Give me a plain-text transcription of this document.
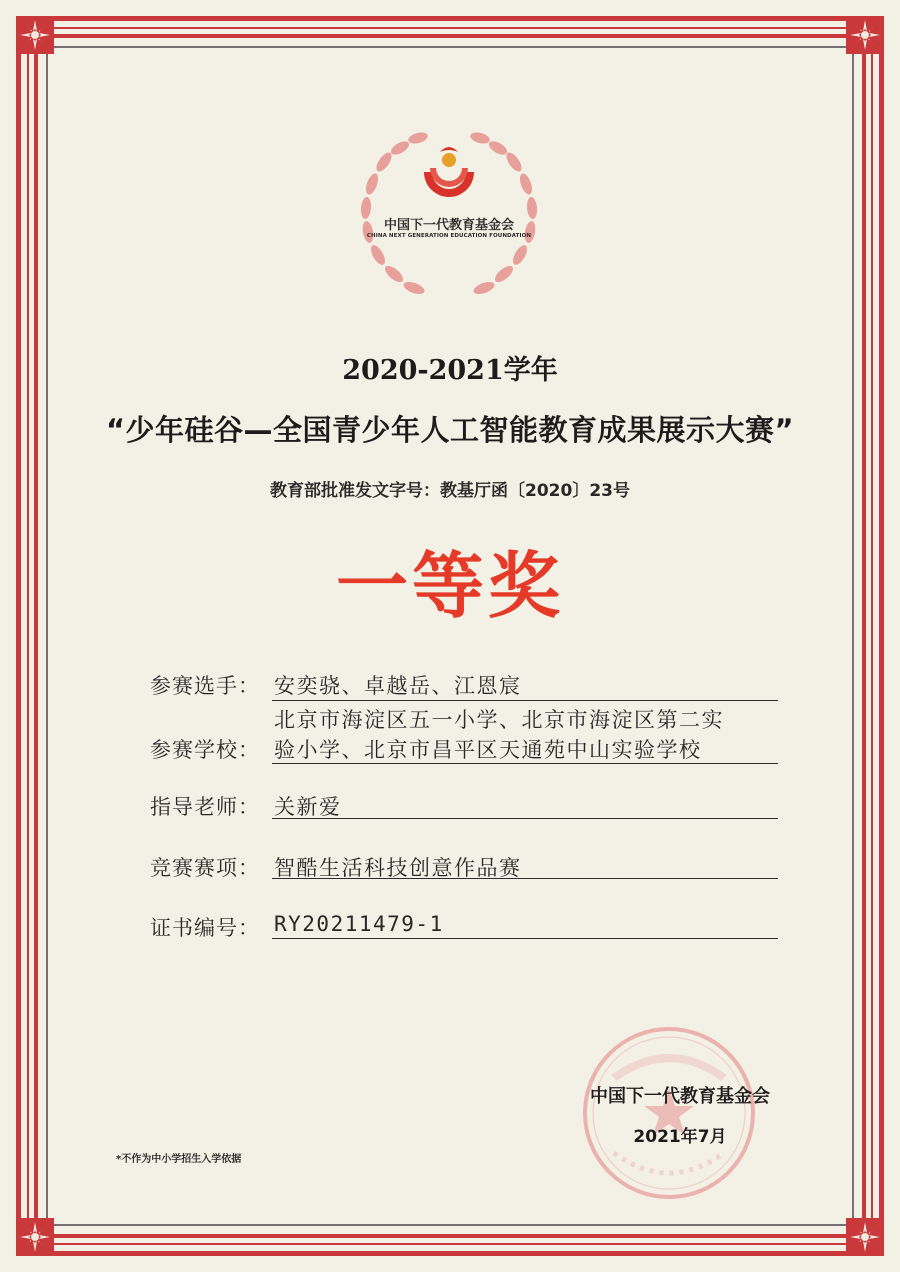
中国下一代教育基金会
CHINA NEXT GENERATION EDUCATION FOUNDATION
2020-2021学年
“少年硅谷—全国青少年人工智能教育成果展示大赛”
教育部批准发文字号：教基厅函〔2020〕23号
一等奖
参赛选手： 安奕骁、卓越岳、江恩宸
北京市海淀区五一小学、北京市海淀区第二实
参赛学校： 验小学、北京市昌平区天通苑中山实验学校
指导老师： 关新爱
竞赛赛项： 智酷生活科技创意作品赛
证书编号： RY20211479-1
中国下一代教育基金会
2021年7月
*不作为中小学招生入学依据
